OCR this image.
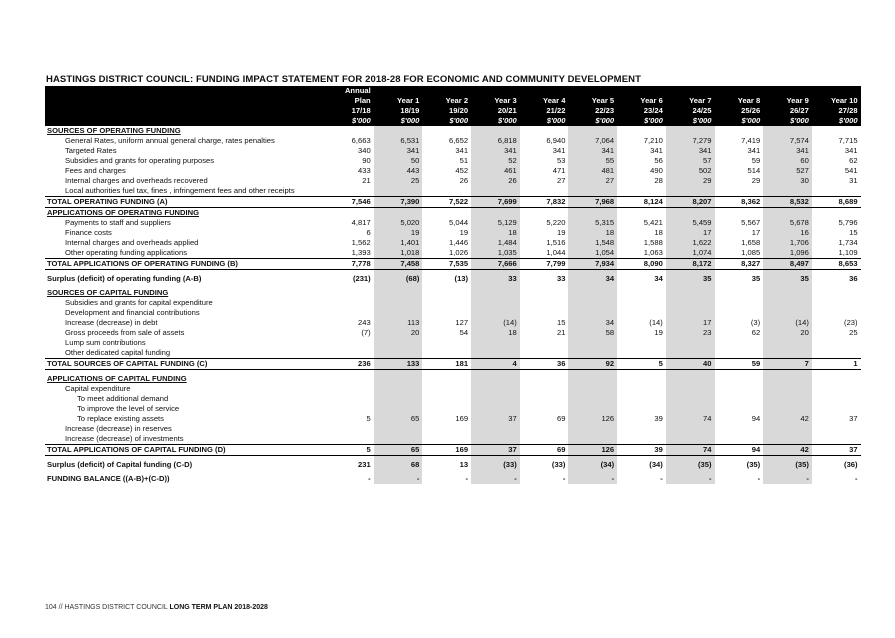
HASTINGS DISTRICT COUNCIL: FUNDING IMPACT STATEMENT FOR 2018-28 FOR ECONOMIC AND COMMUNITY DEVELOPMENT
	Annual										
	Plan	Year 1	Year 2	Year 3	Year 4	Year 5	Year 6	Year 7	Year 8	Year 9	Year 10
	17/18	18/19	19/20	20/21	21/22	22/23	23/24	24/25	25/26	26/27	27/28
	$'000	$'000	$'000	$'000	$'000	$'000	$'000	$'000	$'000	$'000	$'000
SOURCES OF OPERATING FUNDING											
General Rates, uniform annual general charge, rates penalties	6,663	6,531	6,652	6,818	6,940	7,064	7,210	7,279	7,419	7,574	7,715
Targeted Rates	340	341	341	341	341	341	341	341	341	341	341
Subsidies and grants for operating purposes	90	50	51	52	53	55	56	57	59	60	62
Fees and charges	433	443	452	461	471	481	490	502	514	527	541
Internal charges and overheads recovered	21	25	26	26	27	27	28	29	29	30	31
Local authorities fuel tax, fines , infringement fees and other receipts											
TOTAL OPERATING FUNDING (A)	7,546	7,390	7,522	7,699	7,832	7,968	8,124	8,207	8,362	8,532	8,689
APPLICATIONS OF OPERATING FUNDING											
Payments to staff and suppliers	4,817	5,020	5,044	5,129	5,220	5,315	5,421	5,459	5,567	5,678	5,796
Finance costs	6	19	19	18	19	18	18	17	17	16	15
Internal charges and overheads applied	1,562	1,401	1,446	1,484	1,516	1,548	1,588	1,622	1,658	1,706	1,734
Other operating funding applications	1,393	1,018	1,026	1,035	1,044	1,054	1,063	1,074	1,085	1,096	1,109
TOTAL APPLICATIONS OF OPERATING FUNDING (B)	7,778	7,458	7,535	7,666	7,799	7,934	8,090	8,172	8,327	8,497	8,653

Surplus (deficit) of operating funding (A-B)	(231)	(68)	(13)	33	33	34	34	35	35	35	36

SOURCES OF CAPITAL FUNDING											
Subsidies and grants for capital expenditure											
Development and financial contributions											
Increase (decrease) in debt	243	113	127	(14)	15	34	(14)	17	(3)	(14)	(23)
Gross proceeds from sale of assets	(7)	20	54	18	21	58	19	23	62	20	25
Lump sum contributions											
Other dedicated capital funding											
TOTAL SOURCES OF CAPITAL FUNDING (C)	236	133	181	4	36	92	5	40	59	7	1

APPLICATIONS OF CAPITAL FUNDING											
Capital expenditure											
To meet additional demand											
To improve the level of service											
To replace existing assets	5	65	169	37	69	126	39	74	94	42	37
Increase (decrease) in reserves											
Increase (decrease) of investments											
TOTAL APPLICATIONS OF CAPITAL FUNDING (D)	5	65	169	37	69	126	39	74	94	42	37

Surplus (deficit) of Capital funding (C-D)	231	68	13	(33)	(33)	(34)	(34)	(35)	(35)	(35)	(36)

FUNDING BALANCE ((A-B)+(C-D))	-	-	-	-	-	-	-	-	-	-	-
104 // HASTINGS DISTRICT COUNCIL LONG TERM PLAN 2018-2028
